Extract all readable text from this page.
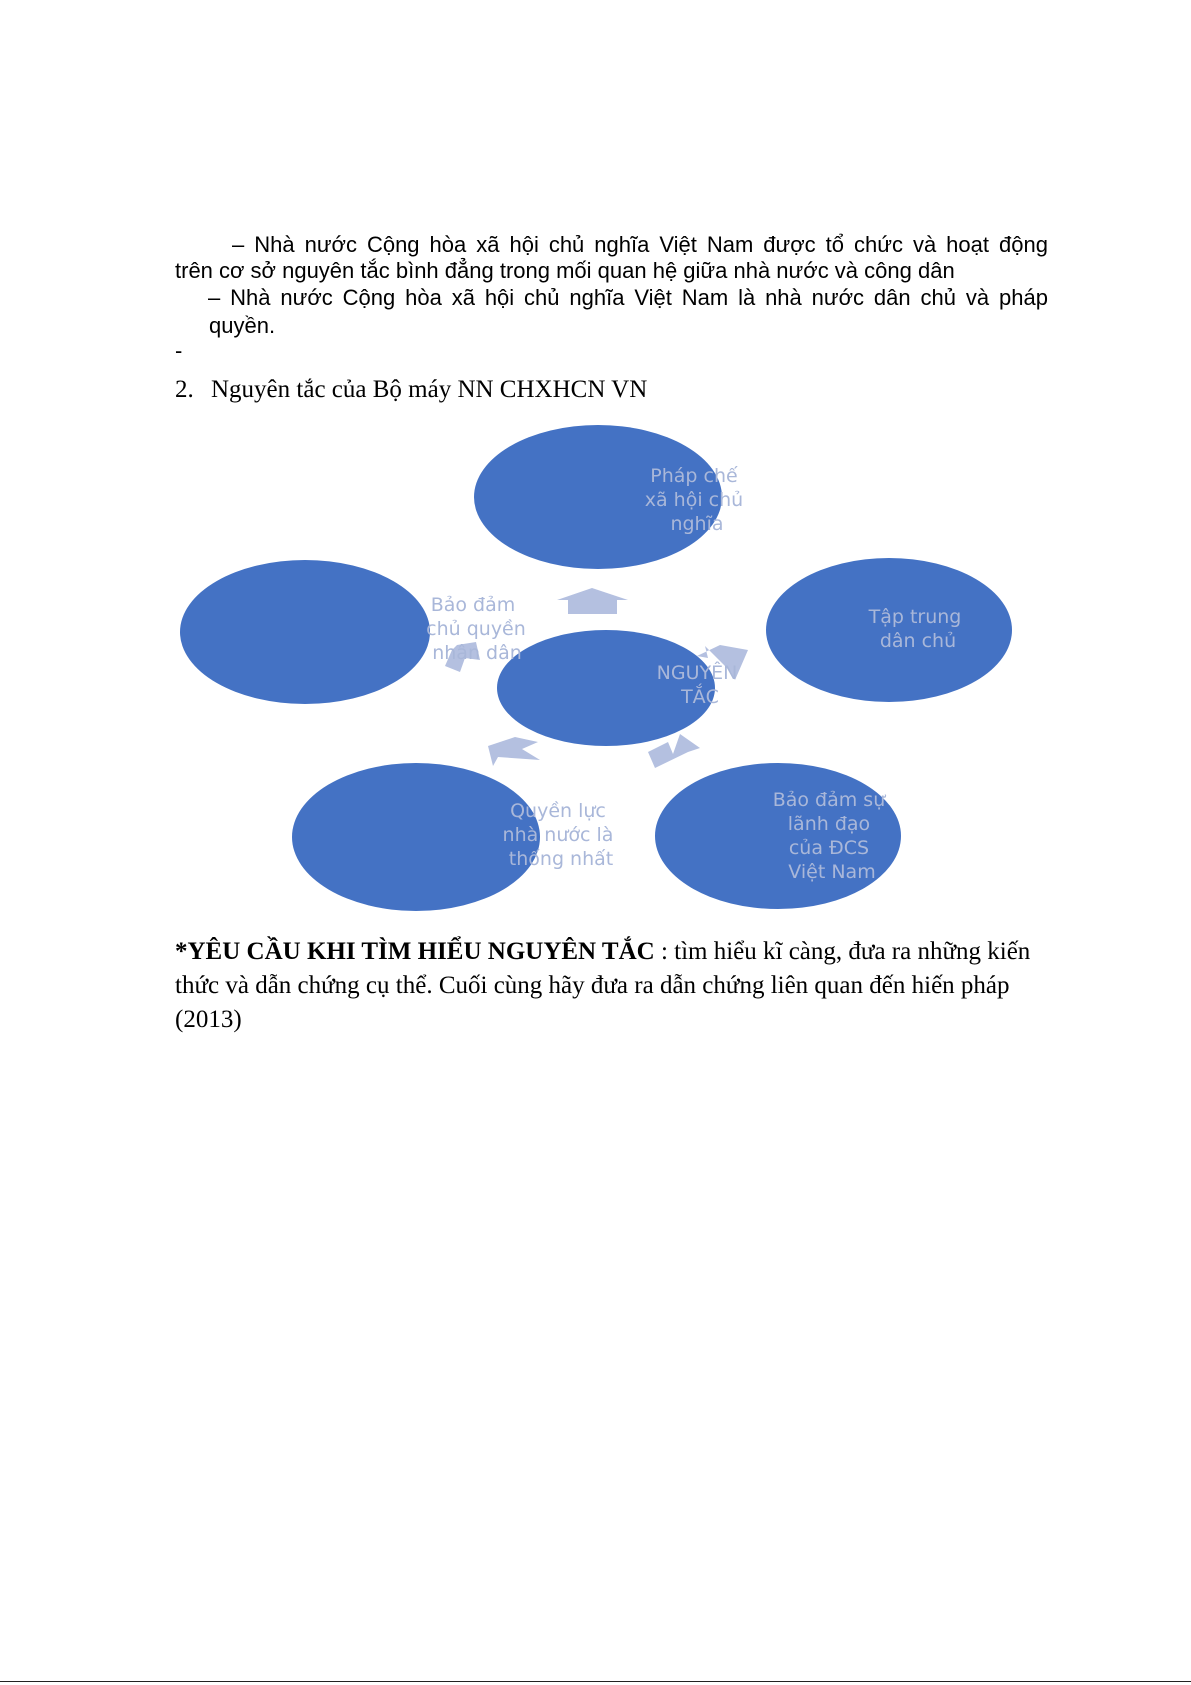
– Nhà nước Cộng hòa xã hội chủ nghĩa Việt Nam được tổ chức và hoạt động
trên cơ sở nguyên tắc bình đẳng trong mối quan hệ giữa nhà nước và công dân
– Nhà nước Cộng hòa xã hội chủ nghĩa Việt Nam là nhà nước dân chủ và pháp
quyền.
-
2. Nguyên tắc của Bộ máy NN CHXHCN VN
Pháp chế xã hội chủ nghĩa
Bảo đảm chủ quyền nhân dân
Tập trung dân chủ
NGUYÊN TẮC
Quyền lực nhà nước là thống nhất
Bảo đảm sự lãnh đạo của ĐCS Việt Nam
*YÊU CẦU KHI TÌM HIỂU NGUYÊN TẮC : tìm hiểu kĩ càng, đưa ra những kiến thức và dẫn chứng cụ thể. Cuối cùng hãy đưa ra dẫn chứng liên quan đến hiến pháp (2013)
